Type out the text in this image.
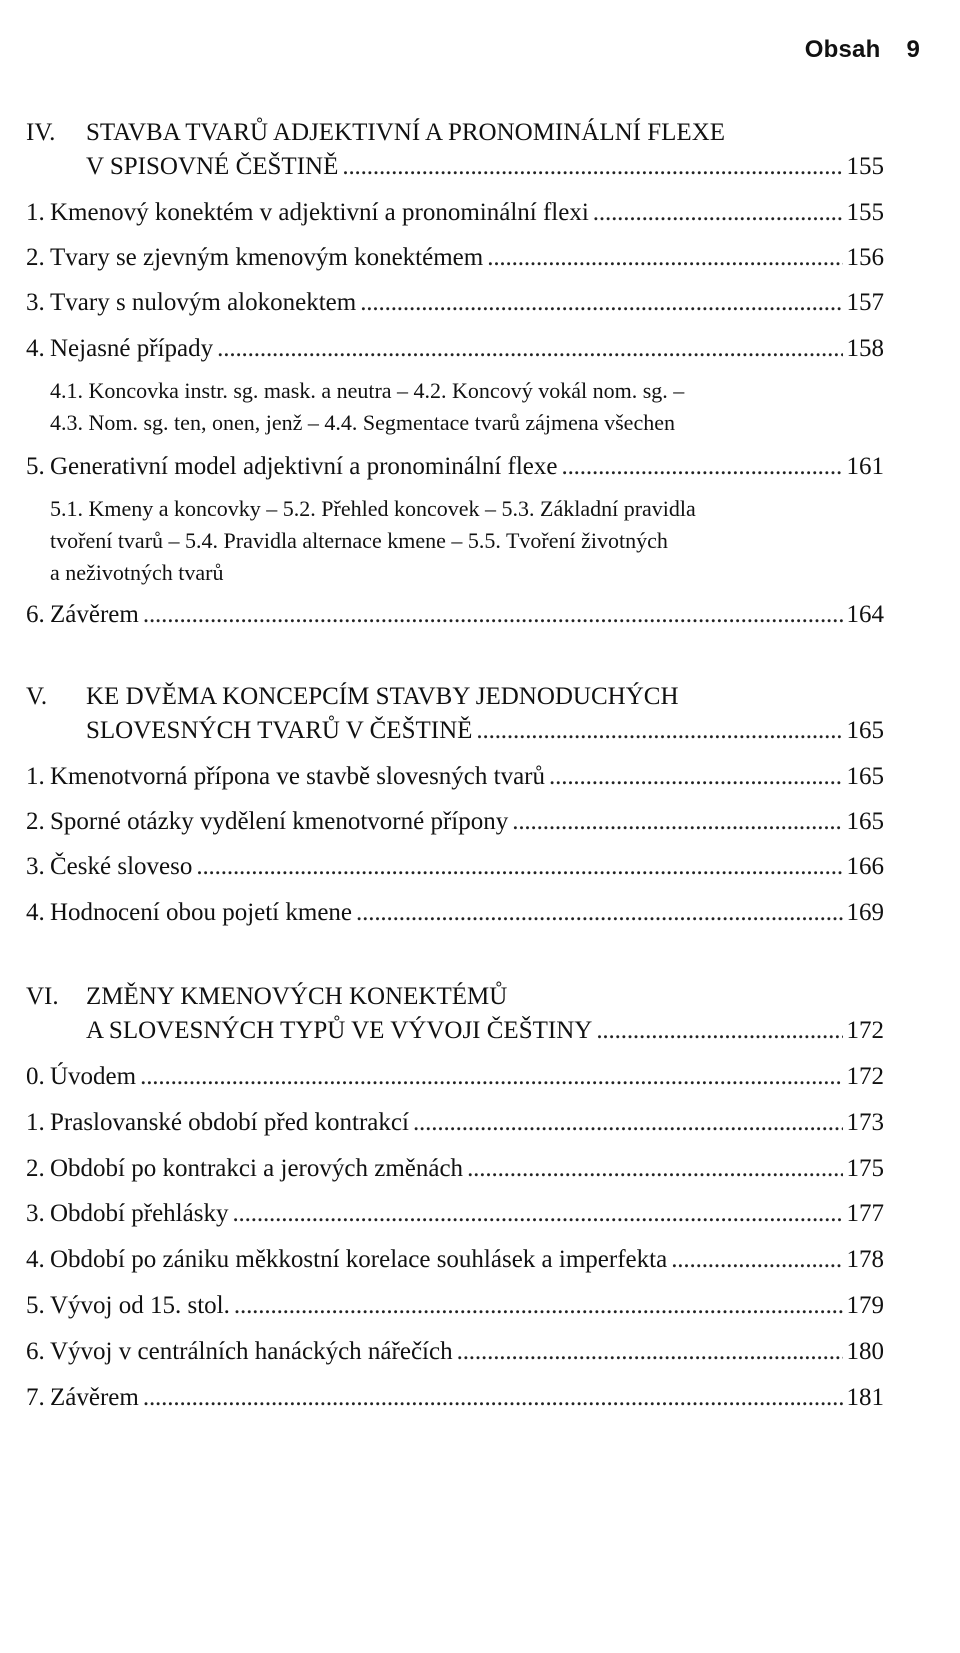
Obsah 9
IV. STAVBA TVARŮ ADJEKTIVNÍ A PRONOMINÁLNÍ FLEXE
V SPISOVNÉ ČEŠTINĚ . . .	155
1. Kmenový konektém v adjektivní a pronominální flexi . . .	155
2. Tvary se zjevným kmenovým konektémem . . .	156
3. Tvary s nulovým alokonektem . . .	157
4. Nejasné případy . . .	158
4.1. Koncovka instr. sg. mask. a neutra – 4.2. Koncový vokál nom. sg. –
4.3. Nom. sg. ten, onen, jenž – 4.4. Segmentace tvarů zájmena všechen
5. Generativní model adjektivní a pronominální flexe . . .	161
5.1. Kmeny a koncovky – 5.2. Přehled koncovek – 5.3. Základní pravidla
tvoření tvarů – 5.4. Pravidla alternace kmene – 5.5. Tvoření životných
a neživotných tvarů
6. Závěrem . . .	164
V. KE DVĚMA KONCEPCÍM STAVBY JEDNODUCHÝCH
SLOVESNÝCH TVARŮ V ČEŠTINĚ . . .	165
1. Kmenotvorná přípona ve stavbě slovesných tvarů . . .	165
2. Sporné otázky vydělení kmenotvorné přípony . . .	165
3. České sloveso . . .	166
4. Hodnocení obou pojetí kmene . . .	169
VI. ZMĚNY KMENOVÝCH KONEKTÉMŮ
A SLOVESNÝCH TYPŮ VE VÝVOJI ČEŠTINY . . .	172
0. Úvodem . . .	172
1. Praslovanské období před kontrakcí . . .	173
2. Období po kontrakci a jerových změnách . . .	175
3. Období přehlásky . . .	177
4. Období po zániku měkkostní korelace souhlásek a imperfekta . . .	178
5. Vývoj od 15. stol. . . .	179
6. Vývoj v centrálních hanáckých nářečích . . .	180
7. Závěrem . . .	181
